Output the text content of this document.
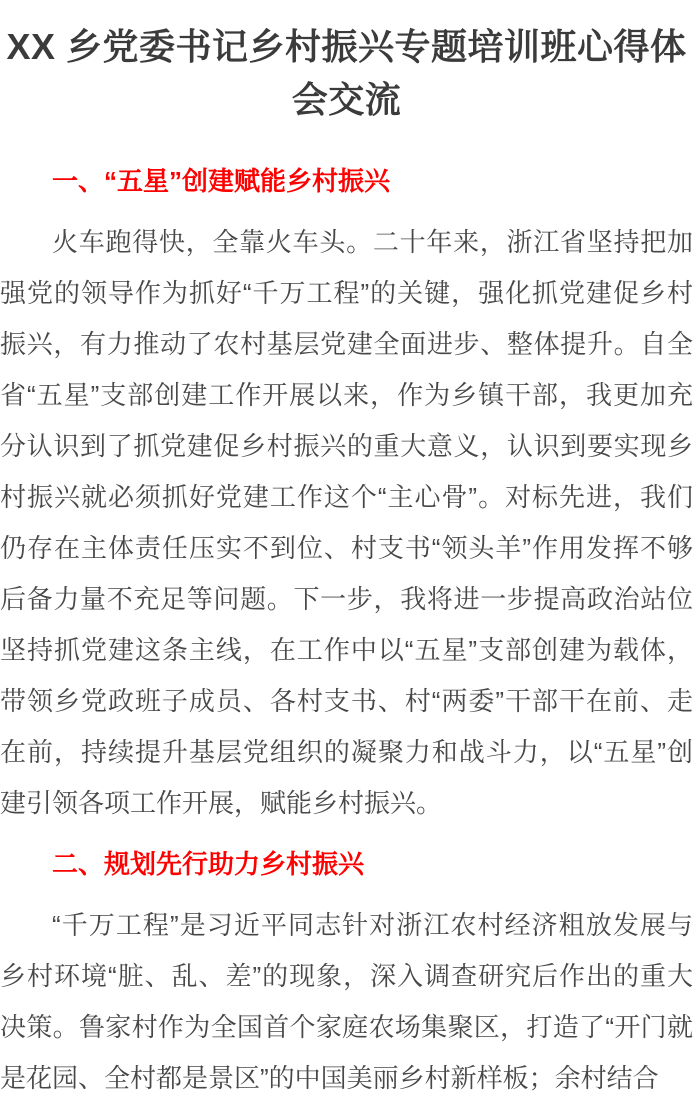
XX 乡党委书记乡村振兴专题培训班心得体会交流
一、“五星”创建赋能乡村振兴

火车跑得快，全靠火车头。二十年来，浙江省坚持把加强党的领导作为抓好“千万工程”的关键，强化抓党建促乡村振兴，有力推动了农村基层党建全面进步、整体提升。自全省“五星”支部创建工作开展以来，作为乡镇干部，我更加充分认识到了抓党建促乡村振兴的重大意义，认识到要实现乡村振兴就必须抓好党建工作这个“主心骨”。对标先进，我们仍存在主体责任压实不到位、村支书“领头羊”作用发挥不够后备力量不充足等问题。下一步，我将进一步提高政治站位坚持抓党建这条主线，在工作中以“五星”支部创建为载体，带领乡党政班子成员、各村支书、村“两委”干部干在前、走在前，持续提升基层党组织的凝聚力和战斗力，以“五星”创建引领各项工作开展，赋能乡村振兴。

二、规划先行助力乡村振兴

“千万工程”是习近平同志针对浙江农村经济粗放发展与乡村环境“脏、乱、差”的现象，深入调查研究后作出的重大决策。鲁家村作为全国首个家庭农场集聚区，打造了“开门就是花园、全村都是景区”的中国美丽乡村新样板；余村结合
